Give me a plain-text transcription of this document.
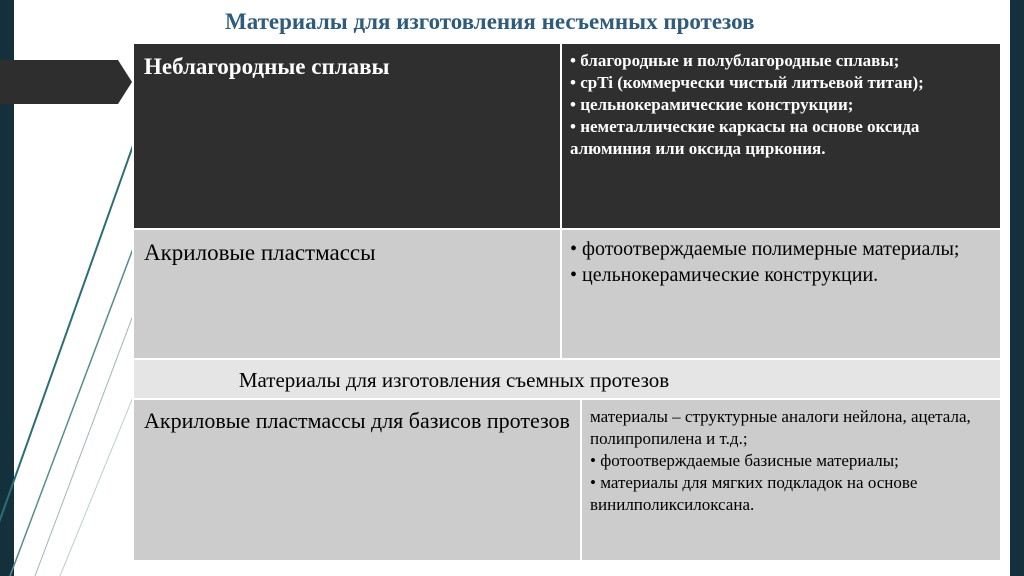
Материалы для изготовления несъемных протезов
Неблагородные сплавы	• благородные и полублагородные сплавы;
• срTi (коммерчески чистый литьевой титан);
• цельнокерамические конструкции;
• неметаллические каркасы на основе оксида алюминия или оксида циркония.
Акриловые пластмассы	• фотоотверждаемые полимерные материалы;
• цельнокерамические конструкции.
Материалы для изготовления съемных протезов
Акриловые пластмассы для базисов протезов	материалы – структурные аналоги нейлона, ацетала, полипропилена и т.д.;
• фотоотверждаемые базисные материалы;
• материалы для мягких подкладок на основе винилполиксилоксана.
